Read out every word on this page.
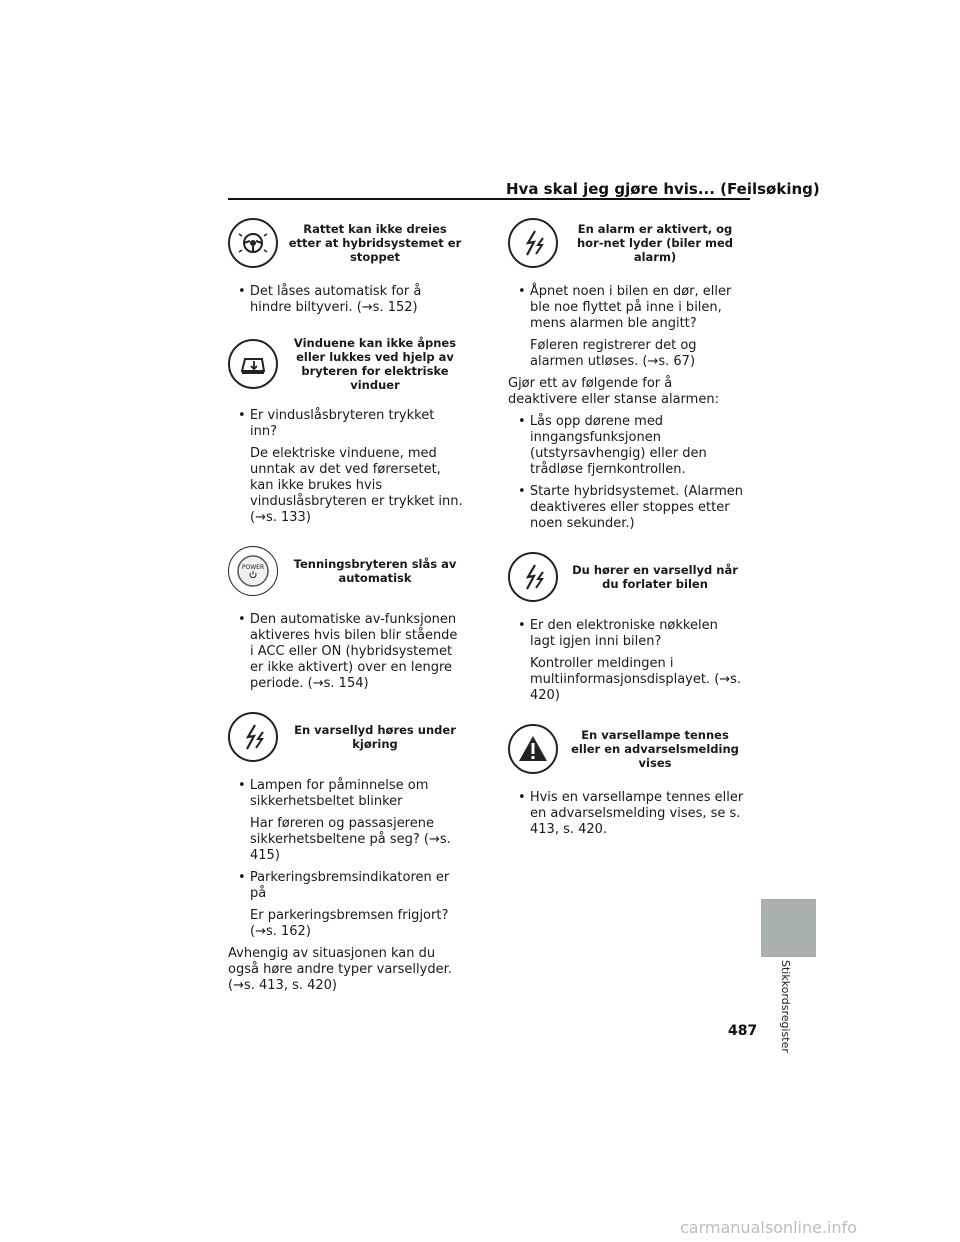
Hva skal jeg gjøre hvis... (Feilsøking)
Rattet kan ikke dreies etter at hybridsystemet er stoppet
• Det låses automatisk for å hindre biltyveri. (→s. 152)
Vinduene kan ikke åpnes eller lukkes ved hjelp av bryteren for elektriske vinduer
• Er vinduslåsbryteren trykket inn?
De elektriske vinduene, med unntak av det ved førersetet, kan ikke brukes hvis vinduslåsbryteren er trykket inn. (→s. 133)
POWER	Tenningsbryteren slås av automatisk
• Den automatiske av-funksjonen aktiveres hvis bilen blir stående i ACC eller ON (hybridsystemet er ikke aktivert) over en lengre periode. (→s. 154)
En varsellyd høres under kjøring
• Lampen for påminnelse om sikkerhetsbeltet blinker
Har føreren og passasjerene sikkerhetsbeltene på seg? (→s. 415)
• Parkeringsbremsindikatoren er på
Er parkeringsbremsen frigjort? (→s. 162)
Avhengig av situasjonen kan du også høre andre typer varsellyder. (→s. 413, s. 420)
En alarm er aktivert, og hor-net lyder (biler med alarm)
• Åpnet noen i bilen en dør, eller ble noe flyttet på inne i bilen, mens alarmen ble angitt?
Føleren registrerer det og alarmen utløses. (→s. 67)
Gjør ett av følgende for å deaktivere eller stanse alarmen:
• Lås opp dørene med inngangsfunksjonen (utstyrsavhengig) eller den trådløse fjernkontrollen.
• Starte hybridsystemet. (Alarmen deaktiveres eller stoppes etter noen sekunder.)
Du hører en varsellyd når du forlater bilen
• Er den elektroniske nøkkelen lagt igjen inni bilen?
Kontroller meldingen i multiinformasjonsdisplayet. (→s. 420)
En varsellampe tennes eller en advarselsmelding vises
• Hvis en varsellampe tennes eller en advarselsmelding vises, se s. 413, s. 420.
Stikkordsregister
487
carmanualsonline.info
